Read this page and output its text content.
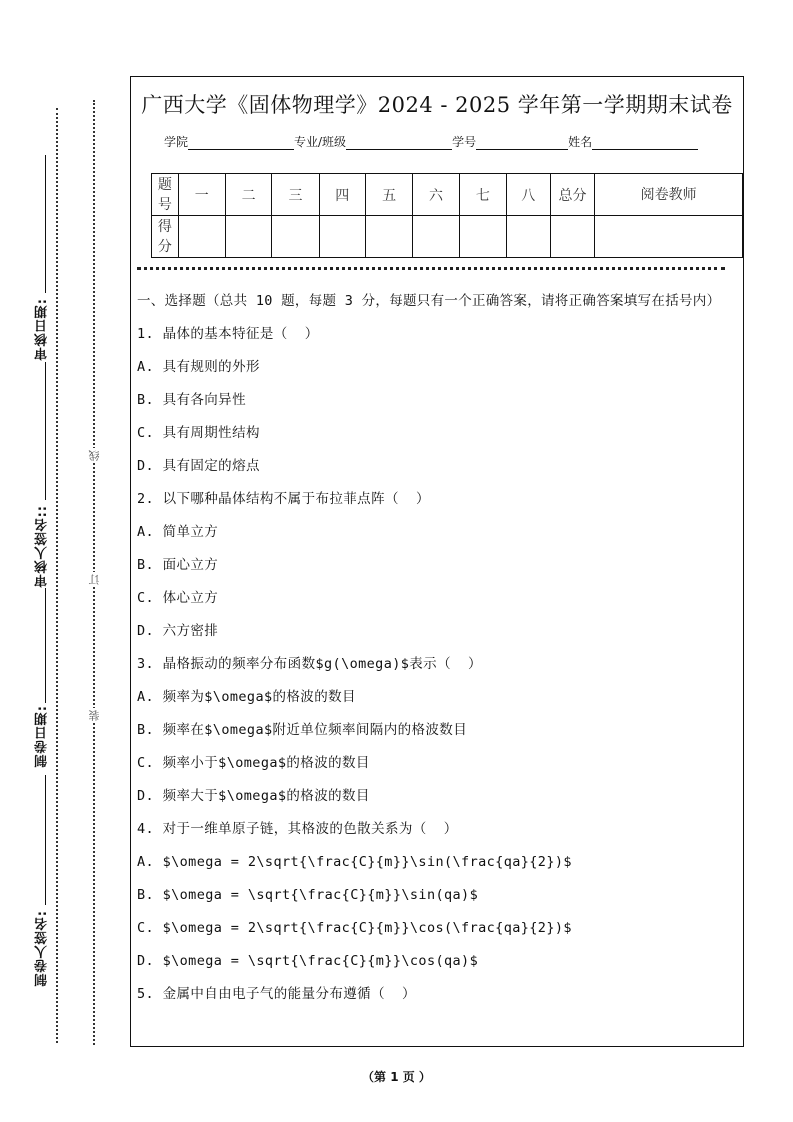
审核日期:
审核人签名::
制卷日期:
制卷人签名:
线
订
装
广西大学《固体物理学》2024 - 2025 学年第一学期期末试卷
学院	专业/班级	学号	姓名
题号	一	二	三	四	五	六	七	八	总分	阅卷教师
得分										
一、选择题（总共 10 题，每题 3 分，每题只有一个正确答案，请将正确答案填写在括号内）
1. 晶体的基本特征是（  ）
A. 具有规则的外形
B. 具有各向异性
C. 具有周期性结构
D. 具有固定的熔点
2. 以下哪种晶体结构不属于布拉菲点阵（  ）
A. 简单立方
B. 面心立方
C. 体心立方
D. 六方密排
3. 晶格振动的频率分布函数$g(\omega)$表示（  ）
A. 频率为$\omega$的格波的数目
B. 频率在$\omega$附近单位频率间隔内的格波数目
C. 频率小于$\omega$的格波的数目
D. 频率大于$\omega$的格波的数目
4. 对于一维单原子链，其格波的色散关系为（  ）
A. $\omega = 2\sqrt{\frac{C}{m}}\sin(\frac{qa}{2})$
B. $\omega = \sqrt{\frac{C}{m}}\sin(qa)$
C. $\omega = 2\sqrt{\frac{C}{m}}\cos(\frac{qa}{2})$
D. $\omega = \sqrt{\frac{C}{m}}\cos(qa)$
5. 金属中自由电子气的能量分布遵循（  ）
（第 1 页 ）
